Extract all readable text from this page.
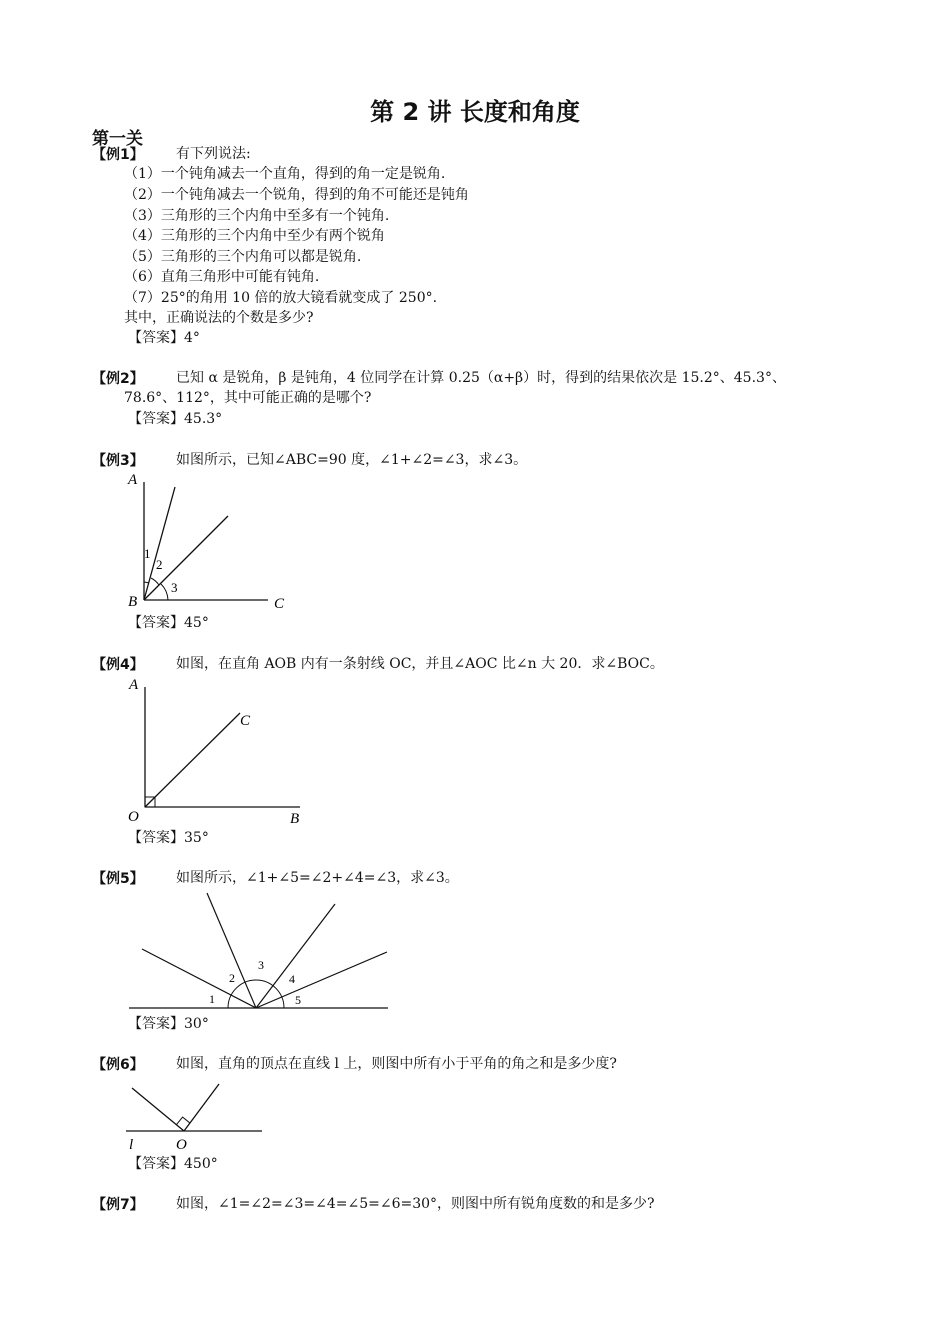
第 2 讲 长度和角度
第一关
【例1】 有下列说法:
（1）一个钝角减去一个直角，得到的角一定是锐角.
（2）一个钝角减去一个锐角，得到的角不可能还是钝角
（3）三角形的三个内角中至多有一个钝角.
（4）三角形的三个内角中至少有两个锐角
（5）三角形的三个内角可以都是锐角.
（6）直角三角形中可能有钝角.
（7）25°的角用 10 倍的放大镜看就变成了 250°.
其中，正确说法的个数是多少?
【答案】4°
【例2】 已知 α 是锐角，β 是钝角，4 位同学在计算 0.25（α+β）时，得到的结果依次是 15.2°、45.3°、
78.6°、112°，其中可能正确的是哪个?
【答案】45.3°
【例3】 如图所示，已知∠ABC=90 度，∠1+∠2=∠3，求∠3。
A
B	C
1
2
3
【答案】45°
【例4】 如图，在直角 AOB 内有一条射线 OC，并且∠AOC 比∠n 大 20．求∠BOC。
A
O	B
C
【答案】35°
【例5】 如图所示，∠1+∠5=∠2+∠4=∠3，求∠3。
1
2
3
4
5
【答案】30°
【例6】 如图，直角的顶点在直线 l 上，则图中所有小于平角的角之和是多少度?
l	O
【答案】450°
【例7】 如图，∠1=∠2=∠3=∠4=∠5=∠6=30°，则图中所有锐角度数的和是多少?
